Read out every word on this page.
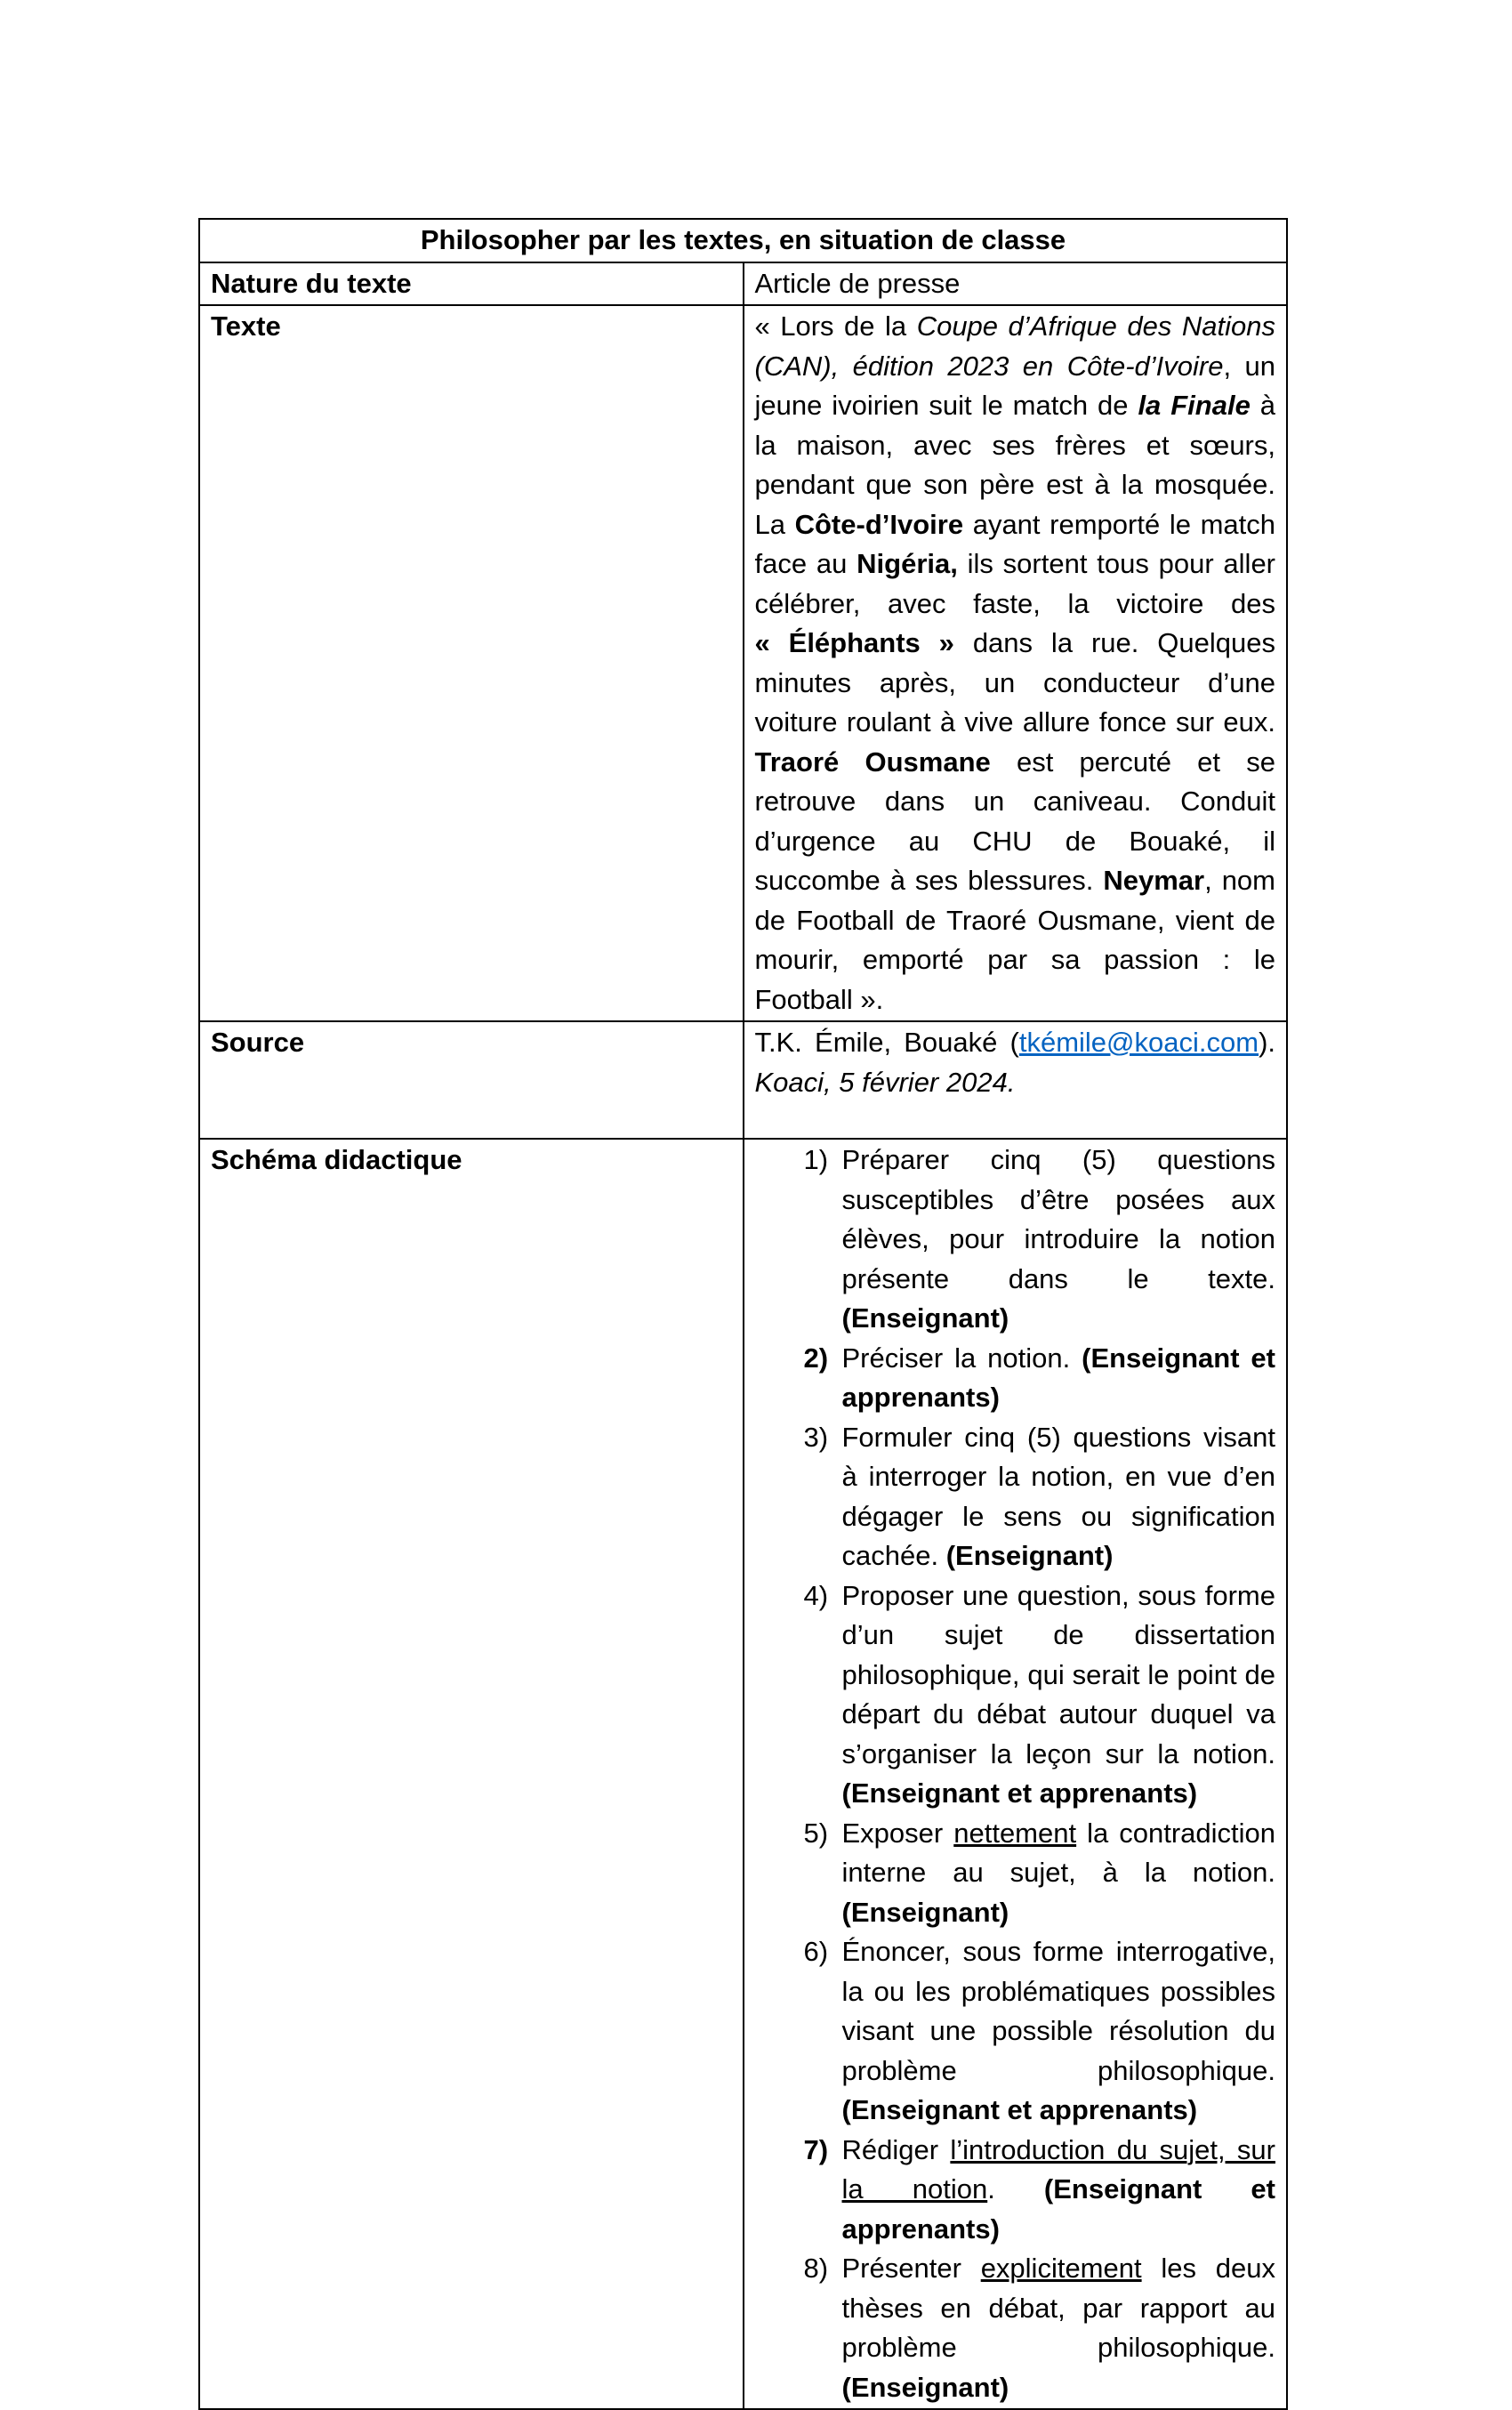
Philosopher par les textes, en situation de classe	
Nature du texte	Article de presse
Texte	« Lors de la Coupe d’Afrique des Nations (CAN), édition 2023 en Côte-d’Ivoire, un jeune ivoirien suit le match de la Finale à la maison, avec ses frères et sœurs, pendant que son père est à la mosquée. La Côte-d’Ivoire ayant remporté le match face au Nigéria, ils sortent tous pour aller célébrer, avec faste, la victoire des « Éléphants » dans la rue. Quelques minutes après, un conducteur d’une voiture roulant à vive allure fonce sur eux. Traoré Ousmane est percuté et se retrouve dans un caniveau. Conduit d’urgence au CHU de Bouaké, il succombe à ses blessures. Neymar, nom de Football de Traoré Ousmane, vient de mourir, emporté par sa passion : le Football ».
Source	T.K. Émile, Bouaké (tkémile@koaci.com). Koaci, 5 février 2024.
Schéma didactique	1) Préparer cinq (5) questions susceptibles d’être posées aux élèves, pour introduire la notion présente dans le texte. (Enseignant)
2) Préciser la notion. (Enseignant et apprenants)
3) Formuler cinq (5) questions visant à interroger la notion, en vue d’en dégager le sens ou signification cachée. (Enseignant)
4) Proposer une question, sous forme d’un sujet de dissertation philosophique, qui serait le point de départ du débat autour duquel va s’organiser la leçon sur la notion. (Enseignant et apprenants)
5) Exposer nettement la contradiction interne au sujet, à la notion. (Enseignant)
6) Énoncer, sous forme interrogative, la ou les problématiques possibles visant une possible résolution du problème philosophique. (Enseignant et apprenants)
7) Rédiger l’introduction du sujet, sur la notion. (Enseignant et apprenants)
8) Présenter explicitement les deux thèses en débat, par rapport au problème philosophique. (Enseignant)
